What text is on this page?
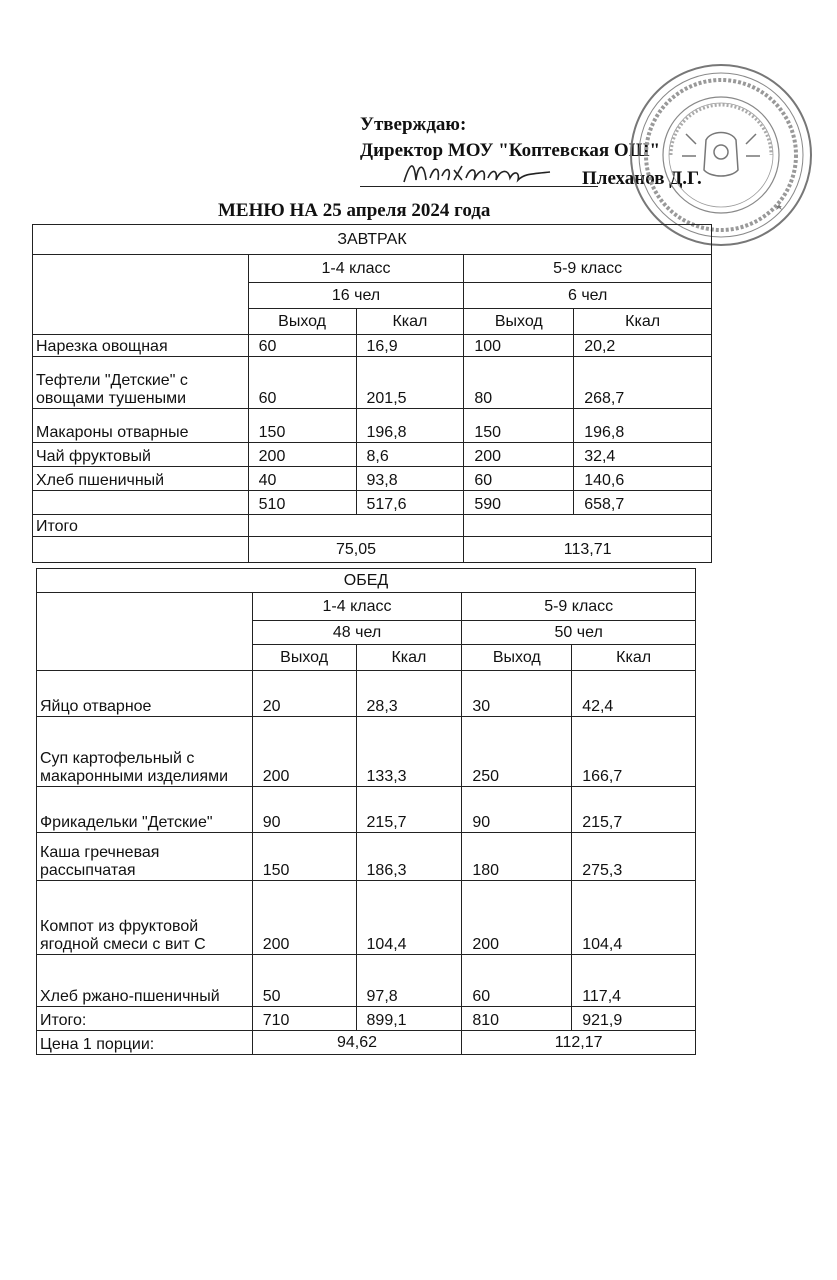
Утверждаю:
Директор МОУ "Коптевская ОШ"
Плеханов Д.Г.
МЕНЮ НА 25 апреля 2024 года
ЗАВТРАК				
	1-4 класс		5-9 класс	
	16 чел		6 чел	
	Выход	Ккал	Выход	Ккал
Нарезка овощная	60	16,9	100	20,2
Тефтели "Детские" с овощами тушеными	60	201,5	80	268,7
Макароны отварные	150	196,8	150	196,8
Чай фруктовый	200	8,6	200	32,4
Хлеб пшеничный	40	93,8	60	140,6
	510	517,6	590	658,7
Итого				
	75,05		113,71	
ОБЕД				
	1-4 класс		5-9 класс	
	48 чел		50 чел	
	Выход	Ккал	Выход	Ккал
Яйцо отварное	20	28,3	30	42,4
Суп картофельный с макаронными изделиями	200	133,3	250	166,7
Фрикадельки "Детские"	90	215,7	90	215,7
Каша гречневая рассыпчатая	150	186,3	180	275,3
Компот из фруктовой ягодной смеси с вит С	200	104,4	200	104,4
Хлеб ржано-пшеничный	50	97,8	60	117,4
Итого:	710	899,1	810	921,9
Цена 1 порции:	94,62		112,17	
